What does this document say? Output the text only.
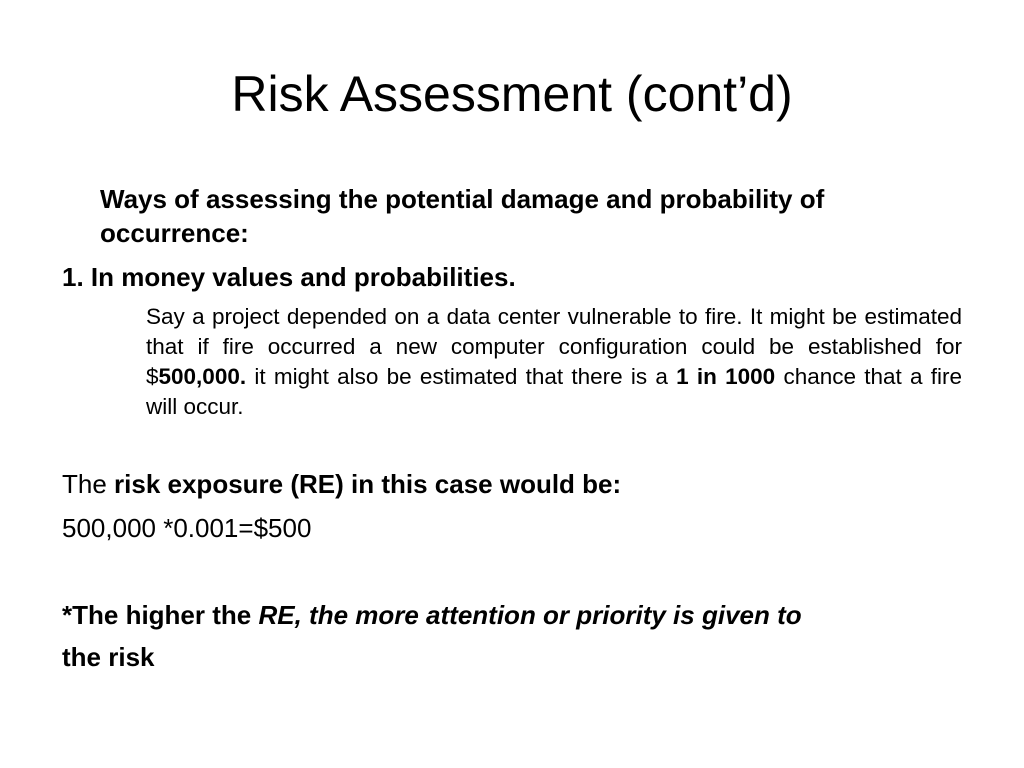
Risk Assessment (cont’d)

Ways of assessing the potential damage and probability of occurrence:

1. In money values and probabilities.

Say a project depended on a data center vulnerable to fire. It might be estimated that if fire occurred a new computer configuration could be established for $500,000. it might also be estimated that there is a 1 in 1000 chance that a fire will occur.

The risk exposure (RE) in this case would be:

500,000 *0.001=$500

*The higher the RE, the more attention or priority is given to
the risk
